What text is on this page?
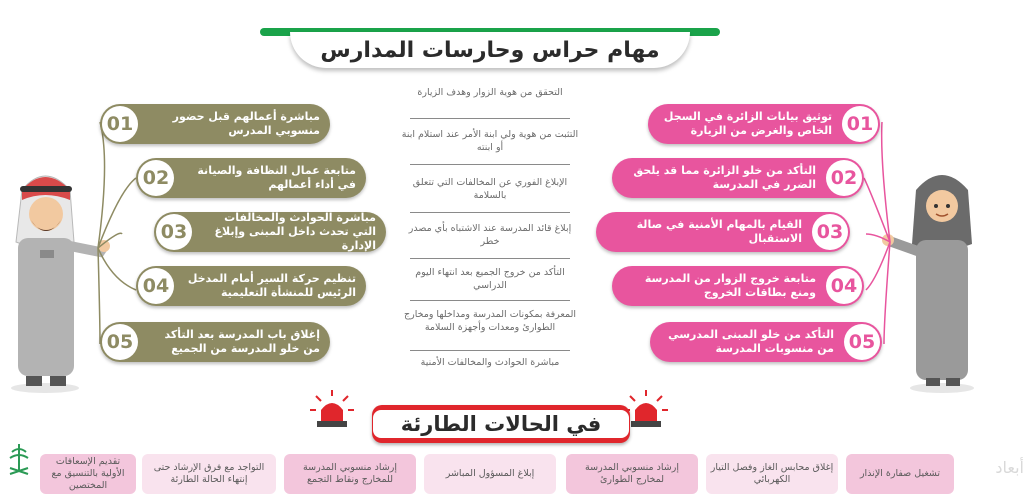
مهام حراس وحارسات المدارس
01	مباشرة أعمالهم قبل حضور منسوبي المدرس
02	متابعة عمال النظافة والصيانة في أداء أعمالهم
03
مباشرة الحوادث والمخالفات التي تحدث داخل المبنى وإبلاغ الإدارة
04	تنظيم حركة السير أمام المدخل الرئيس للمنشأة التعليمية
05	إغلاق باب المدرسة بعد التأكد من خلو المدرسة من الجميع
01
توثيق بيانات الزائرة في السجل الخاص والغرض من الزيارة
02
التأكد من خلو الزائرة مما قد يلحق الضرر في المدرسة
03
القيام بالمهام الأمنية في صالة الاستقبال
04
متابعة خروج الزوار من المدرسة ومنع بطاقات الخروج
05
التأكد من خلو المبنى المدرسي من منسوبات المدرسة
التحقق من هوية الزوار وهدف الزيارة
التثبت من هوية ولي ابنة الأمر عند استلام ابنة أو ابنته
الإبلاغ الفوري عن المخالفات التي تتعلق بالسلامة
إبلاغ قائد المدرسة عند الاشتباه بأي مصدر خطر
التأكد من خروج الجميع بعد انتهاء اليوم الدراسي
المعرفة بمكونات المدرسة ومداخلها ومخارج الطوارئ ومعدات وأجهزة السلامة
مباشرة الحوادث والمخالفات الأمنية
في الحالات الطارئة
تشغيل صفارة الإنذار
إغلاق محابس الغاز وفصل التيار الكهربائي
إرشاد منسوبي المدرسة لمخارج الطوارئ
إبلاغ المسؤول المباشر
إرشاد منسوبي المدرسة للمخارج ونقاط التجمع
التواجد مع فرق الإرشاد حتى إنتهاء الحالة الطارئة
تقديم الإسعافات الأولية بالتنسيق مع المختصين
أبعاد
